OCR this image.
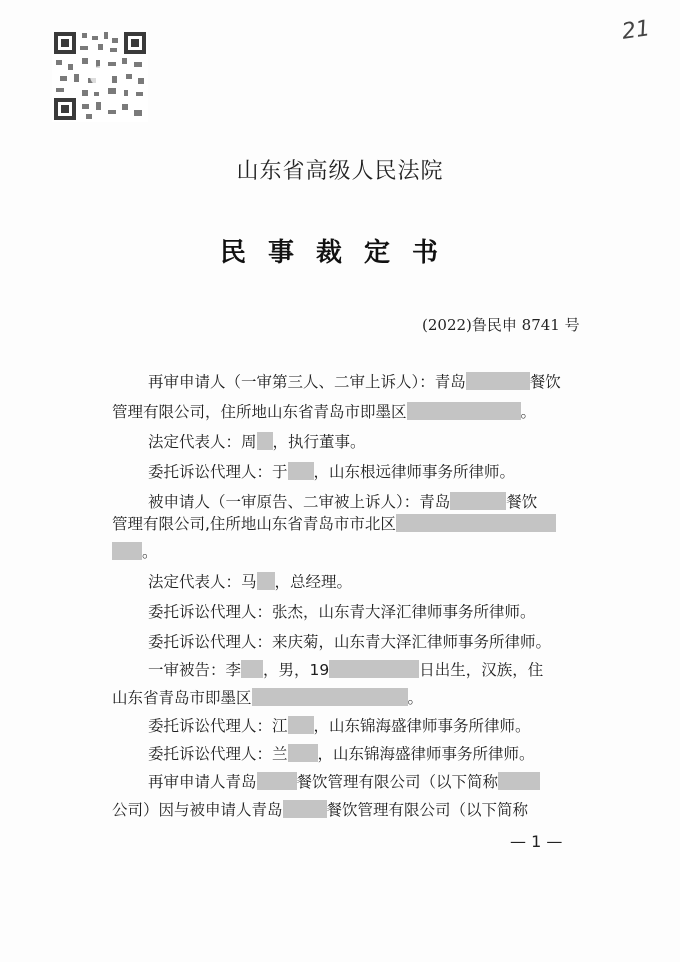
21
山东省高级人民法院
民事裁定书
(2022)鲁民申 8741 号
再审申请人（一审第三人、二审上诉人）：青岛	餐饮
管理有限公司，住所地山东省青岛市即墨区	。
法定代表人：周 ，执行董事。
委托诉讼代理人：于 ，山东根远律师事务所律师。
被申请人（一审原告、二审被上诉人）：青岛	餐饮
管理有限公司,住所地山东省青岛市市北区
。
法定代表人：马 ，总经理。
委托诉讼代理人：张杰，山东青大泽汇律师事务所律师。
委托诉讼代理人：来庆菊，山东青大泽汇律师事务所律师。
一审被告：李 ，男，19	日出生，汉族，住
山东省青岛市即墨区	。
委托诉讼代理人：江 ，山东锦海盛律师事务所律师。
委托诉讼代理人：兰 ，山东锦海盛律师事务所律师。
再审申请人青岛	餐饮管理有限公司（以下简称
公司）因与被申请人青岛	餐饮管理有限公司（以下简称
— 1 —
